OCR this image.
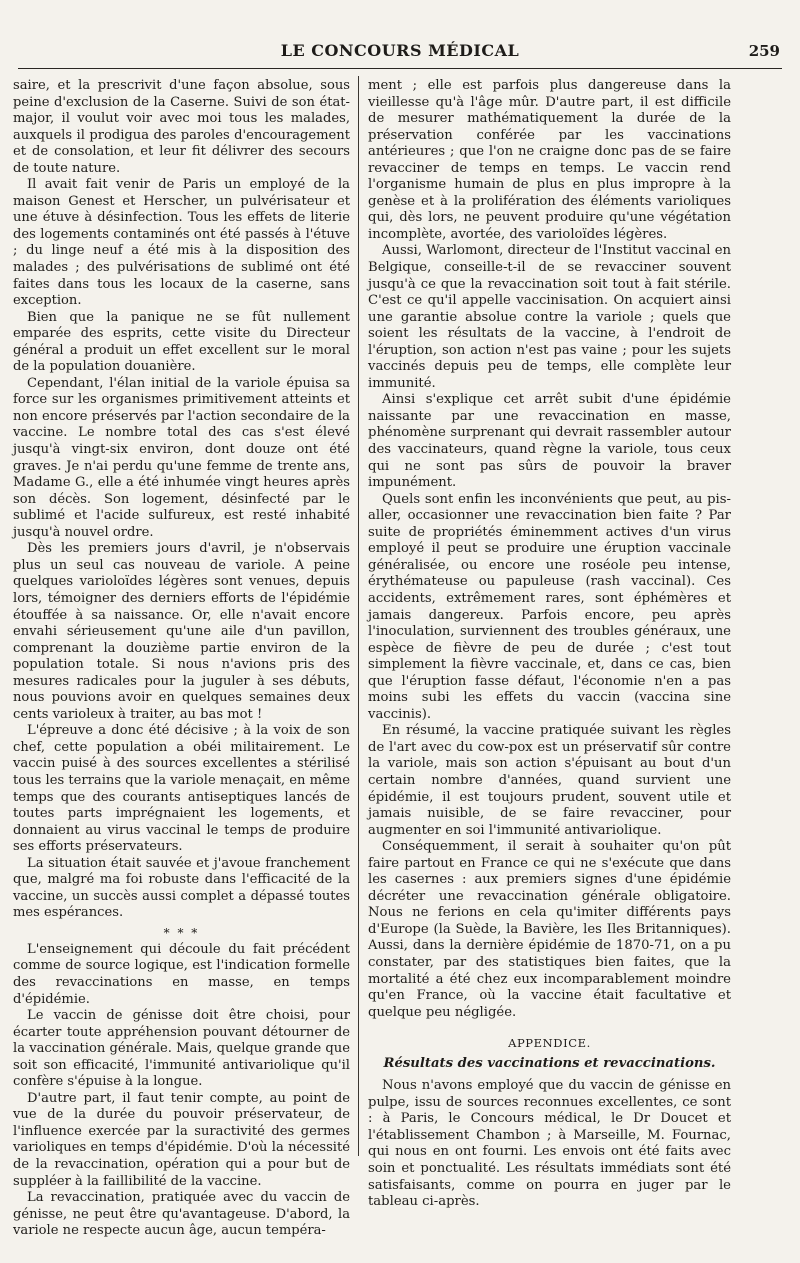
LE CONCOURS MÉDICAL	259

saire, et la prescrivit d'une façon absolue, sous peine d'exclusion de la Caserne. Suivi de son état-major, il voulut voir avec moi tous les malades, auxquels il prodigua des paroles d'encouragement et de consolation, et leur fit délivrer des secours de toute nature.

Il avait fait venir de Paris un employé de la maison Genest et Herscher, un pulvérisateur et une étuve à désinfection. Tous les effets de literie des logements contaminés ont été passés à l'étuve ; du linge neuf a été mis à la disposition des malades ; des pulvérisations de sublimé ont été faites dans tous les locaux de la caserne, sans exception.

Bien que la panique ne se fût nullement emparée des esprits, cette visite du Directeur général a produit un effet excellent sur le moral de la population douanière.

Cependant, l'élan initial de la variole épuisa sa force sur les organismes primitivement atteints et non encore préservés par l'action secondaire de la vaccine. Le nombre total des cas s'est élevé jusqu'à vingt-six environ, dont douze ont été graves. Je n'ai perdu qu'une femme de trente ans, Madame G., elle a été inhumée vingt heures après son décès. Son logement, désinfecté par le sublimé et l'acide sulfureux, est resté inhabité jusqu'à nouvel ordre.

Dès les premiers jours d'avril, je n'observais plus un seul cas nouveau de variole. A peine quelques varioloïdes légères sont venues, depuis lors, témoigner des derniers efforts de l'épidémie étouffée à sa naissance. Or, elle n'avait encore envahi sérieusement qu'une aile d'un pavillon, comprenant la douzième partie environ de la population totale. Si nous n'avions pris des mesures radicales pour la juguler à ses débuts, nous pouvions avoir en quelques semaines deux cents varioleux à traiter, au bas mot !

L'épreuve a donc été décisive ; à la voix de son chef, cette population a obéi militairement. Le vaccin puisé à des sources excellentes a stérilisé tous les terrains que la variole menaçait, en même temps que des courants antiseptiques lancés de toutes parts imprégnaient les logements, et donnaient au virus vaccinal le temps de produire ses efforts préservateurs.

La situation était sauvée et j'avoue franchement que, malgré ma foi robuste dans l'efficacité de la vaccine, un succès aussi complet a dépassé toutes mes espérances.

* * *

L'enseignement qui découle du fait précédent comme de source logique, est l'indication formelle des revaccinations en masse, en temps d'épidémie.

Le vaccin de génisse doit être choisi, pour écarter toute appréhension pouvant détourner de la vaccination générale. Mais, quelque grande que soit son efficacité, l'immunité antivariolique qu'il confère s'épuise à la longue.

D'autre part, il faut tenir compte, au point de vue de la durée du pouvoir préservateur, de l'influence exercée par la suractivité des germes varioliques en temps d'épidémie. D'où la nécessité de la revaccination, opération qui a pour but de suppléer à la faillibilité de la vaccine.

La revaccination, pratiquée avec du vaccin de génisse, ne peut être qu'avantageuse. D'abord, la variole ne respecte aucun âge, aucun tempéra-

ment ; elle est parfois plus dangereuse dans la vieillesse qu'à l'âge mûr. D'autre part, il est difficile de mesurer mathématiquement la durée de la préservation conférée par les vaccinations antérieures ; que l'on ne craigne donc pas de se faire revacciner de temps en temps. Le vaccin rend l'organisme humain de plus en plus impropre à la genèse et à la prolifération des éléments varioliques qui, dès lors, ne peuvent produire qu'une végétation incomplète, avortée, des varioloïdes légères.

Aussi, Warlomont, directeur de l'Institut vaccinal en Belgique, conseille-t-il de se revacciner souvent jusqu'à ce que la revaccination soit tout à fait stérile. C'est ce qu'il appelle vaccinisation. On acquiert ainsi une garantie absolue contre la variole ; quels que soient les résultats de la vaccine, à l'endroit de l'éruption, son action n'est pas vaine ; pour les sujets vaccinés depuis peu de temps, elle complète leur immunité.

Ainsi s'explique cet arrêt subit d'une épidémie naissante par une revaccination en masse, phénomène surprenant qui devrait rassembler autour des vaccinateurs, quand règne la variole, tous ceux qui ne sont pas sûrs de pouvoir la braver impunément.

Quels sont enfin les inconvénients que peut, au pis-aller, occasionner une revaccination bien faite ? Par suite de propriétés éminemment actives d'un virus employé il peut se produire une éruption vaccinale généralisée, ou encore une roséole peu intense, érythémateuse ou papuleuse (rash vaccinal). Ces accidents, extrêmement rares, sont éphémères et jamais dangereux. Parfois encore, peu après l'inoculation, surviennent des troubles généraux, une espèce de fièvre de peu de durée ; c'est tout simplement la fièvre vaccinale, et, dans ce cas, bien que l'éruption fasse défaut, l'économie n'en a pas moins subi les effets du vaccin (vaccina sine vaccinis).

En résumé, la vaccine pratiquée suivant les règles de l'art avec du cow-pox est un préservatif sûr contre la variole, mais son action s'épuisant au bout d'un certain nombre d'années, quand survient une épidémie, il est toujours prudent, souvent utile et jamais nuisible, de se faire revacciner, pour augmenter en soi l'immunité antivariolique.

Conséquemment, il serait à souhaiter qu'on pût faire partout en France ce qui ne s'exécute que dans les casernes : aux premiers signes d'une épidémie décréter une revaccination générale obligatoire. Nous ne ferions en cela qu'imiter différents pays d'Europe (la Suède, la Bavière, les Iles Britanniques). Aussi, dans la dernière épidémie de 1870-71, on a pu constater, par des statistiques bien faites, que la mortalité a été chez eux incomparablement moindre qu'en France, où la vaccine était facultative et quelque peu négligée.

APPENDICE.
Résultats des vaccinations et revaccinations.

Nous n'avons employé que du vaccin de génisse en pulpe, issu de sources reconnues excellentes, ce sont : à Paris, le Concours médical, le Dr Doucet et l'établissement Chambon ; à Marseille, M. Fournac, qui nous en ont fourni. Les envois ont été faits avec soin et ponctualité. Les résultats immédiats sont été satisfaisants, comme on pourra en juger par le tableau ci-après.
